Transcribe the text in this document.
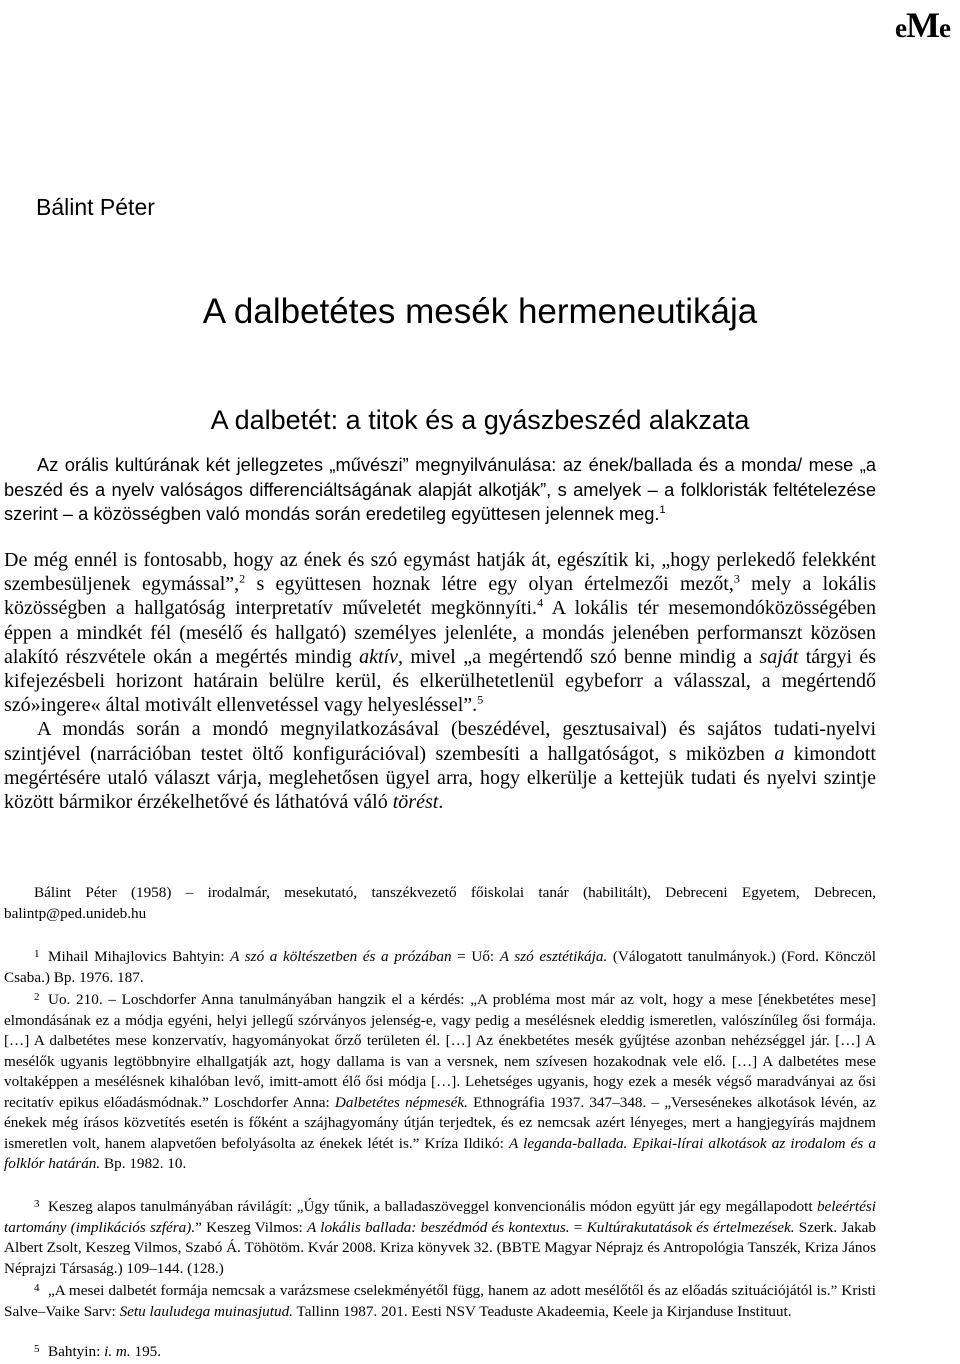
eMe
Bálint Péter
A dalbetétes mesék hermeneutikája
A dalbetét: a titok és a gyászbeszéd alakzata

Az orális kultúrának két jellegzetes „művészi” megnyilvánulása: az ének/ballada és a monda/ mese „a beszéd és a nyelv valóságos differenciáltságának alapját alkotják”, s amelyek – a folkloristák feltételezése szerint – a közösségben való mondás során eredetileg együttesen jelennek meg.$^1$

De még ennél is fontosabb, hogy az ének és szó egymást hatják át, egészítik ki, „hogy perlekedő felekként szembesüljenek egymással”,$^2$ s együttesen hoznak létre egy olyan értelmezői mezőt,$^3$ mely a lokális közösségben a hallgatóság interpretatív műveletét megkönnyíti.$^4$ A lokális tér mesemondóközösségében éppen a mindkét fél (mesélő és hallgató) személyes jelenléte, a mondás jelenében performanszt közösen alakító részvétele okán a megértés mindig aktív, mivel „a megértendő szó benne mindig a saját tárgyi és kifejezésbeli horizont határain belülre kerül, és elkerülhetetlenül egybeforr a válasszal, a megértendő szó»ingere« által motivált ellenvetéssel vagy helyesléssel”.$^5$

A mondás során a mondó megnyilatkozásával (beszédével, gesztusaival) és sajátos tudati-nyelvi szintjével (narrációban testet öltő konfigurációval) szembesíti a hallgatóságot, s miközben a kimondott megértésére utaló választ várja, meglehetősen ügyel arra, hogy elkerülje a kettejük tudati és nyelvi szintje között bármikor érzékelhetővé és láthatóvá váló törést.

Bálint Péter (1958) – irodalmár, mesekutató, tanszékvezető főiskolai tanár (habilitált), Debreceni Egyetem, Debrecen, balintp@ped.unideb.hu

1 Mihail Mihajlovics Bahtyin: A szó a költészetben és a prózában = Uő: A szó esztétikája. (Válogatott tanulmányok.) (Ford. Könczöl Csaba.) Bp. 1976. 187.

2 Uo. 210. – Loschdorfer Anna tanulmányában hangzik el a kérdés: „A probléma most már az volt, hogy a mese [énekbetétes mese] elmondásának ez a módja egyéni, helyi jellegű szórványos jelenség-e, vagy pedig a mesélésnek eleddig ismeretlen, valószínűleg ősi formája. […] A dalbetétes mese konzervatív, hagyományokat őrző területen él. […] Az énekbetétes mesék gyűjtése azonban nehézséggel jár. […] A mesélők ugyanis legtöbbnyire elhallgatják azt, hogy dallama is van a versnek, nem szívesen hozakodnak vele elő. […] A dalbetétes mese voltaképpen a mesélésnek kihalóban levő, imitt-amott élő ősi módja […]. Lehetséges ugyanis, hogy ezek a mesék végső maradványai az ősi recitatív epikus előadásmódnak.” Loschdorfer Anna: Dalbetétes népmesék. Ethnográfia 1937. 347–348. – „Versesénekes alkotások lévén, az énekek még írásos közvetítés esetén is főként a szájhagyomány útján terjedtek, és ez nemcsak azért lényeges, mert a hangjegyírás majdnem ismeretlen volt, hanem alapvetően befolyásolta az énekek létét is.” Kríza Ildikó: A leganda-ballada. Epikai-lírai alkotások az irodalom és a folklór határán. Bp. 1982. 10.

3 Keszeg alapos tanulmányában rávilágít: „Úgy tűnik, a balladaszöveggel konvencionális módon együtt jár egy megállapodott beleértési tartomány (implikációs szféra).” Keszeg Vilmos: A lokális ballada: beszédmód és kontextus. = Kultúrakutatások és értelmezések. Szerk. Jakab Albert Zsolt, Keszeg Vilmos, Szabó Á. Töhötöm. Kvár 2008. Kriza könyvek 32. (BBTE Magyar Néprajz és Antropológia Tanszék, Kriza János Néprajzi Társaság.) 109–144. (128.)

4 „A mesei dalbetét formája nemcsak a varázsmese cselekményétől függ, hanem az adott mesélőtől és az előadás szituációjától is.” Kristi Salve–Vaike Sarv: Setu lauludega muinasjutud. Tallinn 1987. 201. Eesti NSV Teaduste Akadeemia, Keele ja Kirjanduse Instituut.

5 Bahtyin: i. m. 195.
